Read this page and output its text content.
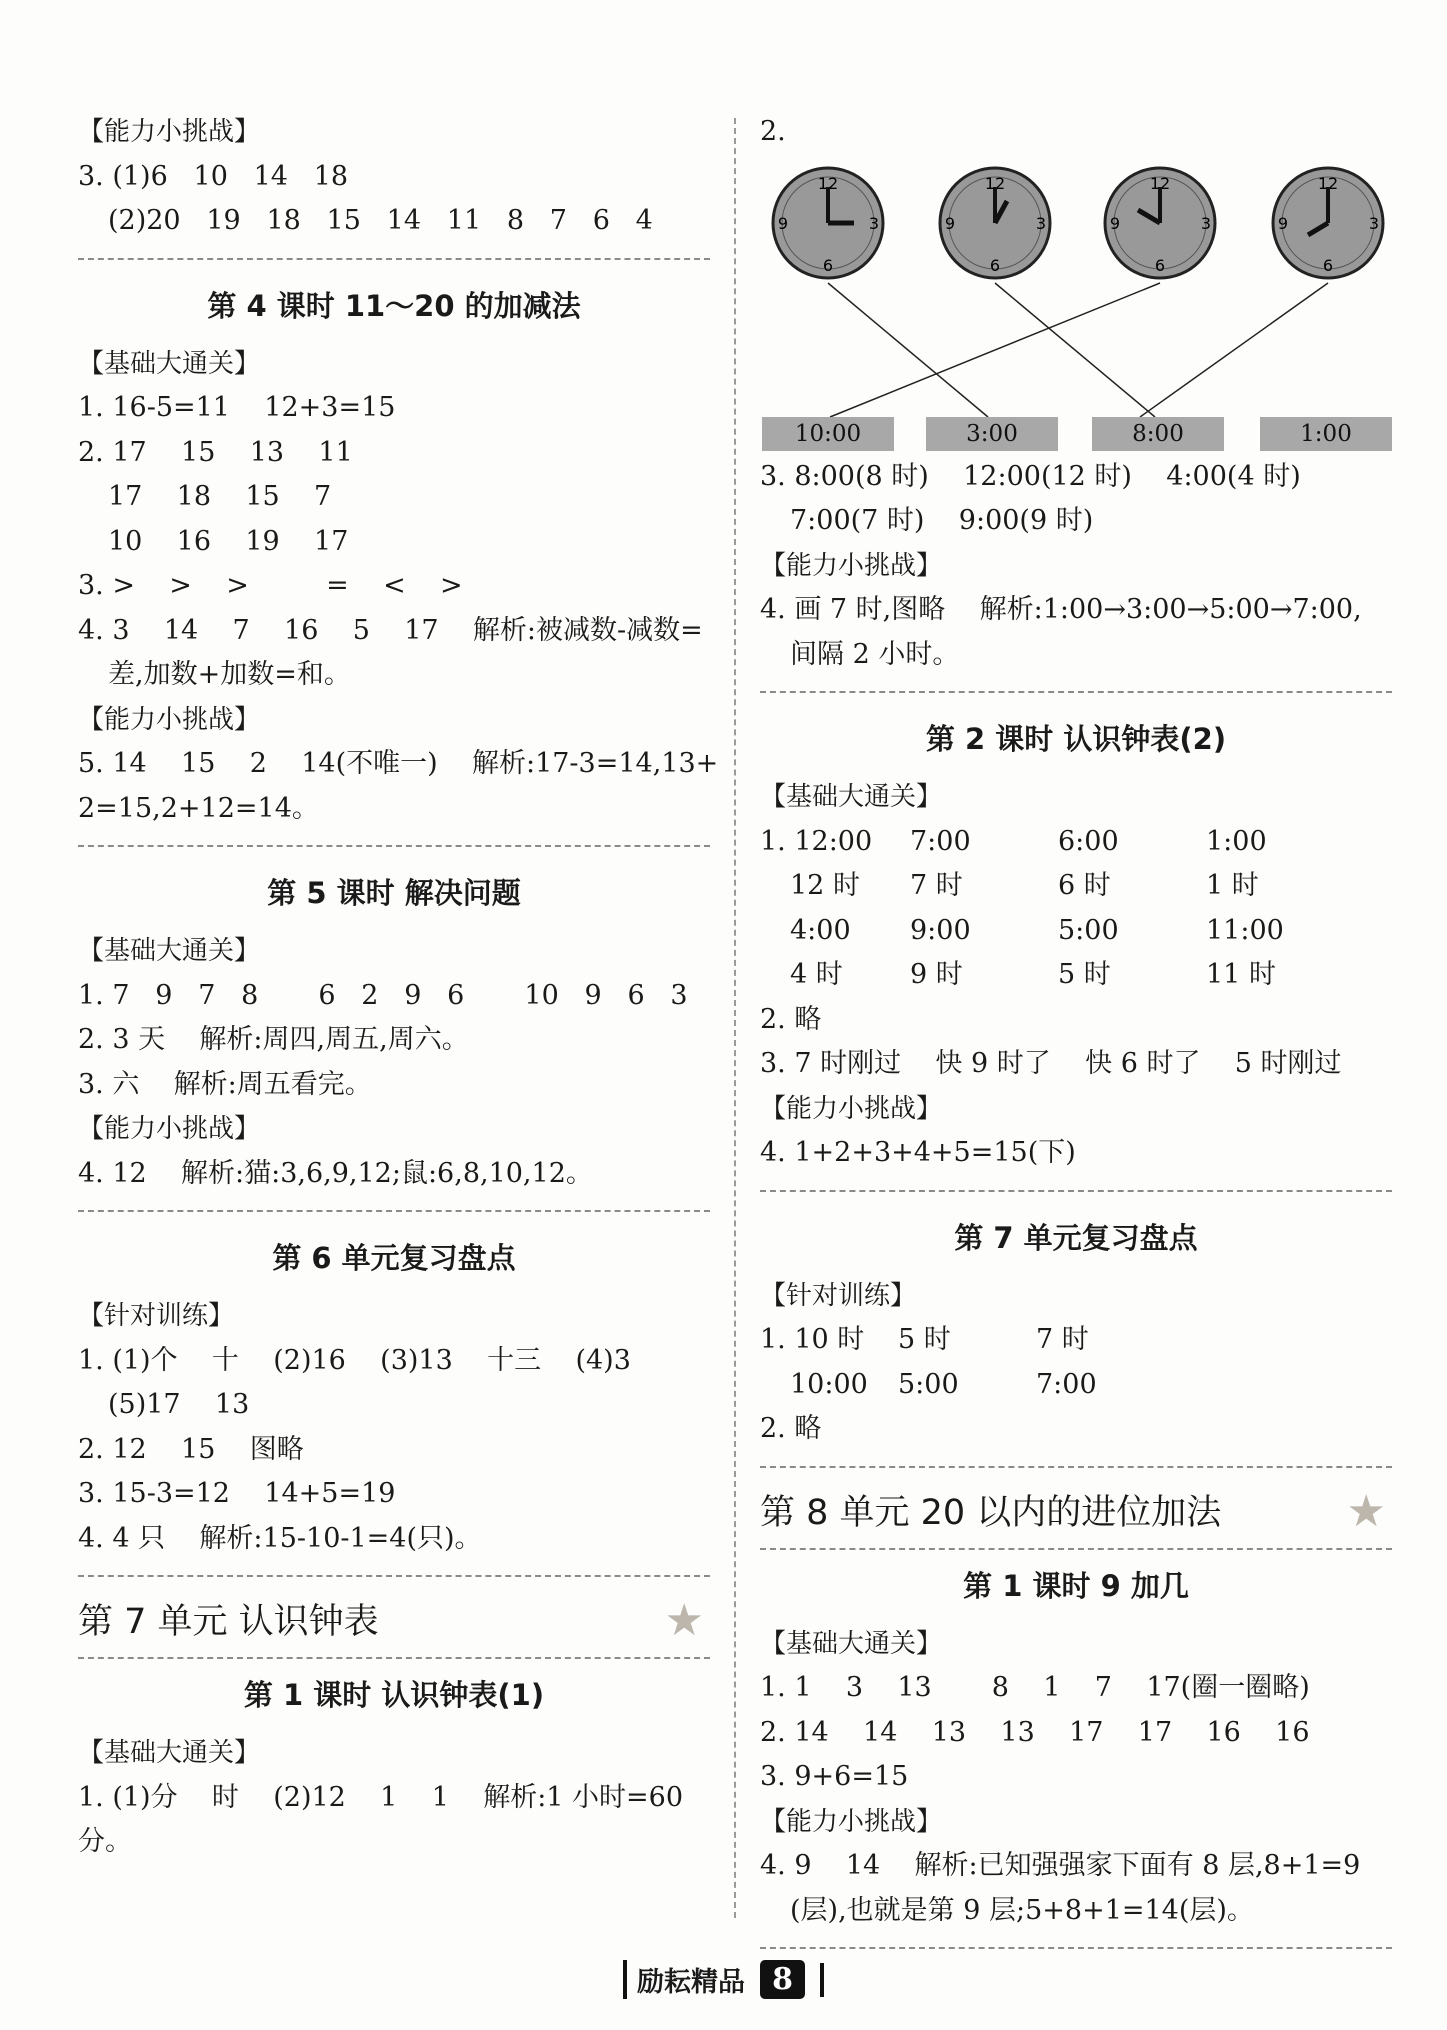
【能力小挑战】
3. (1)6   10   14   18
(2)20   19   18   15   14   11   8   7   6   4
第 4 课时 11～20 的加减法
【基础大通关】
1. 16-5=11    12+3=15
2. 17    15    13    11
17    18    15    7
10    16    19    17
3. >    >    >         =    <    >
4. 3    14    7    16    5    17    解析:被减数-减数=
差,加数+加数=和。
【能力小挑战】
5. 14    15    2    14(不唯一)    解析:17-3=14,13+
2=15,2+12=14。
第 5 课时 解决问题
【基础大通关】
1. 7   9   7   8       6   2   9   6       10   9   6   3
2. 3 天    解析:周四,周五,周六。
3. 六    解析:周五看完。
【能力小挑战】
4. 12    解析:猫:3,6,9,12;鼠:6,8,10,12。
第 6 单元复习盘点
【针对训练】
1. (1)个    十    (2)16    (3)13    十三    (4)3
(5)17    13
2. 12    15    图略
3. 15-3=12    14+5=19
4. 4 只    解析:15-10-1=4(只)。
第 7 单元 认识钟表	★
第 1 课时 认识钟表(1)
【基础大通关】
1. (1)分    时    (2)12    1    1    解析:1 小时=60
分。
2.
12
3
6
9
12
3
6
9
12
3
6
9
12
3
6
9
10:00	3:00	8:00	1:00
3. 8:00(8 时)    12:00(12 时)    4:00(4 时)
7:00(7 时)    9:00(9 时)
【能力小挑战】
4. 画 7 时,图略    解析:1:00→3:00→5:00→7:00,
间隔 2 小时。
第 2 课时 认识钟表(2)
【基础大通关】
1. 12:00	7:00	6:00	1:00
12 时	7 时	6 时	1 时
4:00	9:00	5:00	11:00
4 时	9 时	5 时	11 时
2. 略
3. 7 时刚过    快 9 时了    快 6 时了    5 时刚过
【能力小挑战】
4. 1+2+3+4+5=15(下)
第 7 单元复习盘点
【针对训练】
1. 10 时	5 时	7 时
10:00	5:00	7:00
2. 略
第 8 单元 20 以内的进位加法	★
第 1 课时 9 加几
【基础大通关】
1. 1    3    13       8    1    7    17(圈一圈略)
2. 14    14    13    13    17    17    16    16
3. 9+6=15
【能力小挑战】
4. 9    14    解析:已知强强家下面有 8 层,8+1=9
(层),也就是第 9 层;5+8+1=14(层)。
励耘精品 8
